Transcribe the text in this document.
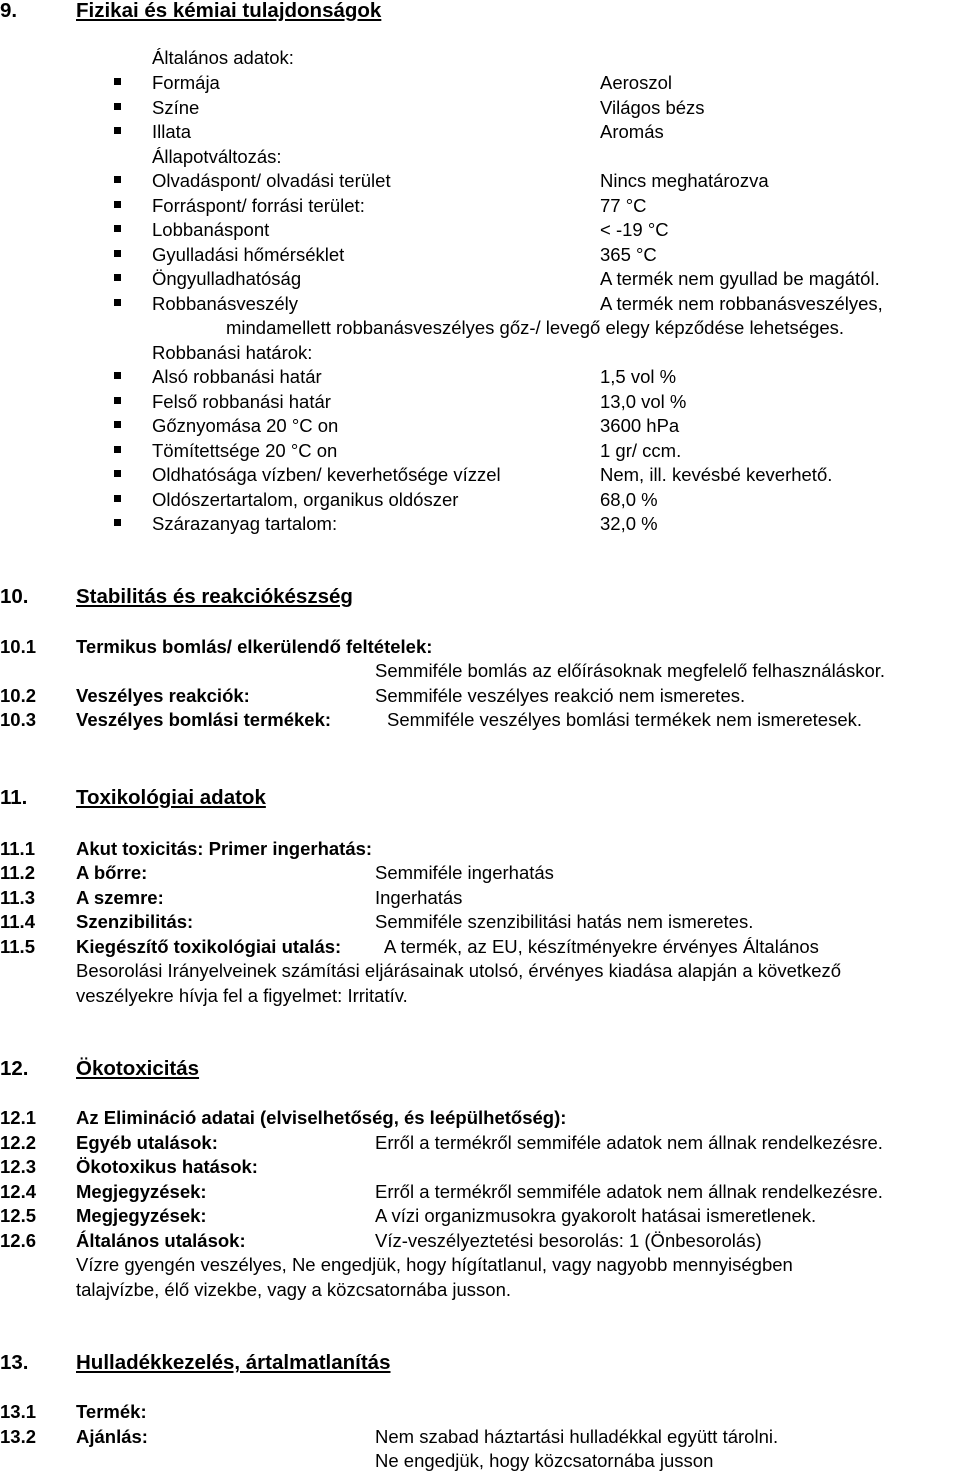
9.	Fizikai és kémiai tulajdonságok
Általános adatok:
Formája	Aeroszol
Színe	Világos bézs
Illata	Aromás
Állapotváltozás:
Olvadáspont/ olvadási terület	Nincs meghatározva
Forráspont/ forrási terület:	77 °C
Lobbanáspont	< -19 °C
Gyulladási hőmérséklet	365 °C
Öngyulladhatóság	A termék nem gyullad be magától.
Robbanásveszély	A termék nem robbanásveszélyes,
mindamellett robbanásveszélyes gőz-/ levegő elegy képződése lehetséges.
Robbanási határok:
Alsó robbanási határ	1,5 vol %
Felső robbanási határ	13,0 vol %
Gőznyomása 20 °C on	3600 hPa
Tömítettsége 20 °C on	1 gr/ ccm.
Oldhatósága vízben/ keverhetősége vízzel	Nem, ill. kevésbé keverhető.
Oldószertartalom, organikus oldószer	68,0 %
Szárazanyag tartalom:	32,0 %
10. Stabilitás és reakciókészség
10.1 Termikus bomlás/ elkerülendő feltételek:
Semmiféle bomlás az előírásoknak megfelelő felhasználáskor.
10.2 Veszélyes reakciók:	Semmiféle veszélyes reakció nem ismeretes.
10.3 Veszélyes bomlási termékek:	Semmiféle veszélyes bomlási termékek nem ismeretesek.
11. Toxikológiai adatok
11.1 Akut toxicitás: Primer ingerhatás:
11.2 A bőrre:	Semmiféle ingerhatás
11.3 A szemre:	Ingerhatás
11.4 Szenzibilitás:	Semmiféle szenzibilitási hatás nem ismeretes.
11.5 Kiegészítő toxikológiai utalás: A termék, az EU, készítményekre érvényes Általános
Besorolási Irányelveinek számítási eljárásainak utolsó, érvényes kiadása alapján a következő
veszélyekre hívja fel a figyelmet: Irritatív.
12. Ökotoxicitás
12.1 Az Elimináció adatai (elviselhetőség, és leépülhetőség):
12.2 Egyéb utalások:	Erről a termékről semmiféle adatok nem állnak rendelkezésre.
12.3 Ökotoxikus hatások:
12.4 Megjegyzések:	Erről a termékről semmiféle adatok nem állnak rendelkezésre.
12.5 Megjegyzések:	A vízi organizmusokra gyakorolt hatásai ismeretlenek.
12.6 Általános utalások:	Víz-veszélyeztetési besorolás: 1 (Önbesorolás)
Vízre gyengén veszélyes, Ne engedjük, hogy hígítatlanul, vagy nagyobb mennyiségben
talajvízbe, élő vizekbe, vagy a közcsatornába jusson.
13. Hulladékkezelés, ártalmatlanítás
13.1 Termék:
13.2 Ajánlás:	Nem szabad háztartási hulladékkal együtt tárolni.
Ne engedjük, hogy közcsatornába jusson
